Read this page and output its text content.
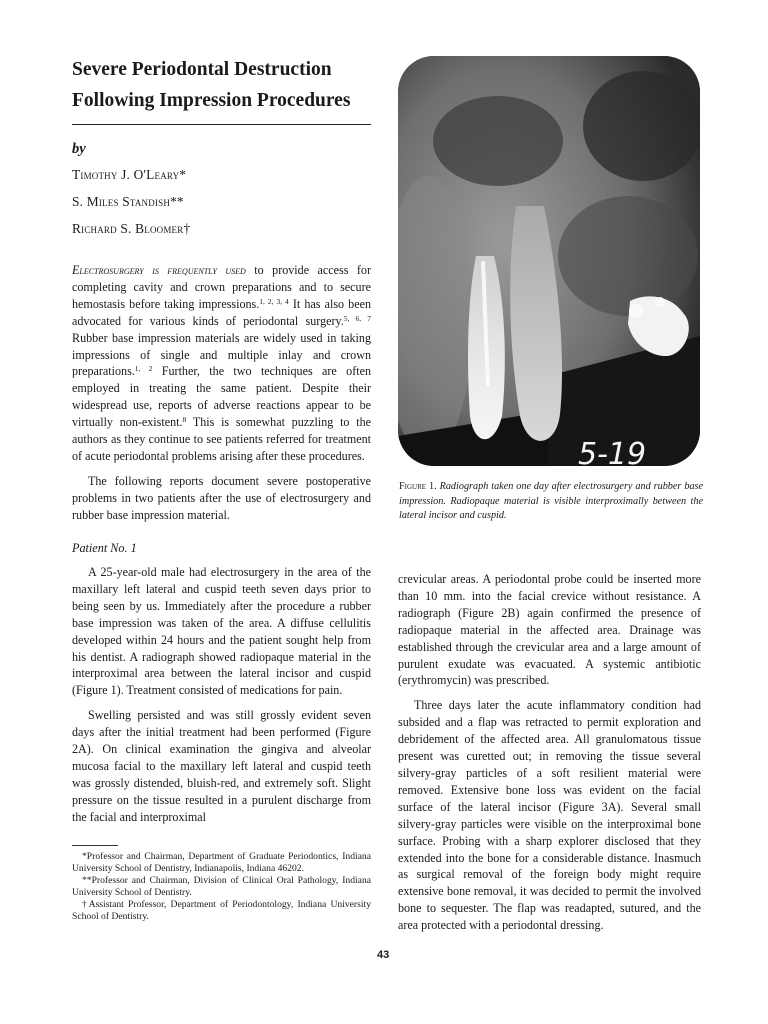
Severe Periodontal Destruction Following Impression Procedures
by
Timothy J. O'Leary*
S. Miles Standish**
Richard S. Bloomer†

Electrosurgery is frequently used to provide access for completing cavity and crown preparations and to secure hemostasis before taking impressions.$^{1, 2, 3, 4}$ It has also been advocated for various kinds of periodontal surgery.$^{5, 6, 7}$ Rubber base impression materials are widely used in taking impressions of single and multiple inlay and crown preparations.$^{1, 2}$ Further, the two techniques are often employed in treating the same patient. Despite their widespread use, reports of adverse reactions appear to be virtually non-existent.$^8$ This is somewhat puzzling to the authors as they continue to see patients referred for treatment of acute periodontal problems arising after these procedures.

The following reports document severe postoperative problems in two patients after the use of electrosurgery and rubber base impression material.

Patient No. 1

A 25-year-old male had electrosurgery in the area of the maxillary left lateral and cuspid teeth seven days prior to being seen by us. Immediately after the procedure a rubber base impression was taken of the area. A diffuse cellulitis developed within 24 hours and the patient sought help from his dentist. A radiograph showed radiopaque material in the interproximal area between the lateral incisor and cuspid (Figure 1). Treatment consisted of medications for pain.

Swelling persisted and was still grossly evident seven days after the initial treatment had been performed (Figure 2A). On clinical examination the gingiva and alveolar mucosa facial to the maxillary left lateral and cuspid teeth was grossly distended, bluish-red, and extremely soft. Slight pressure on the tissue resulted in a purulent discharge from the facial and interproximal

5-19
Figure 1. Radiograph taken one day after electrosurgery and rubber base impression. Radiopaque material is visible interproximally between the lateral incisor and cuspid.

crevicular areas. A periodontal probe could be inserted more than 10 mm. into the facial crevice without resistance. A radiograph (Figure 2B) again confirmed the presence of radiopaque material in the affected area. Drainage was established through the crevicular area and a large amount of purulent exudate was evacuated. A systemic antibiotic (erythromycin) was prescribed.

Three days later the acute inflammatory condition had subsided and a flap was retracted to permit exploration and debridement of the affected area. All granulomatous tissue present was curetted out; in removing the tissue several silvery-gray particles of a soft resilient material were removed. Extensive bone loss was evident on the facial surface of the lateral incisor (Figure 3A). Several small silvery-gray particles were visible on the interproximal bone surface. Probing with a sharp explorer disclosed that they extended into the bone for a considerable distance. Inasmuch as surgical removal of the foreign body might require extensive bone removal, it was decided to permit the involved bone to sequester. The flap was readapted, sutured, and the area protected with a periodontal dressing.

*Professor and Chairman, Department of Graduate Periodontics, Indiana University School of Dentistry, Indianapolis, Indiana 46202.

**Professor and Chairman, Division of Clinical Oral Pathology, Indiana University School of Dentistry.

†Assistant Professor, Department of Periodontology, Indiana University School of Dentistry.

43
